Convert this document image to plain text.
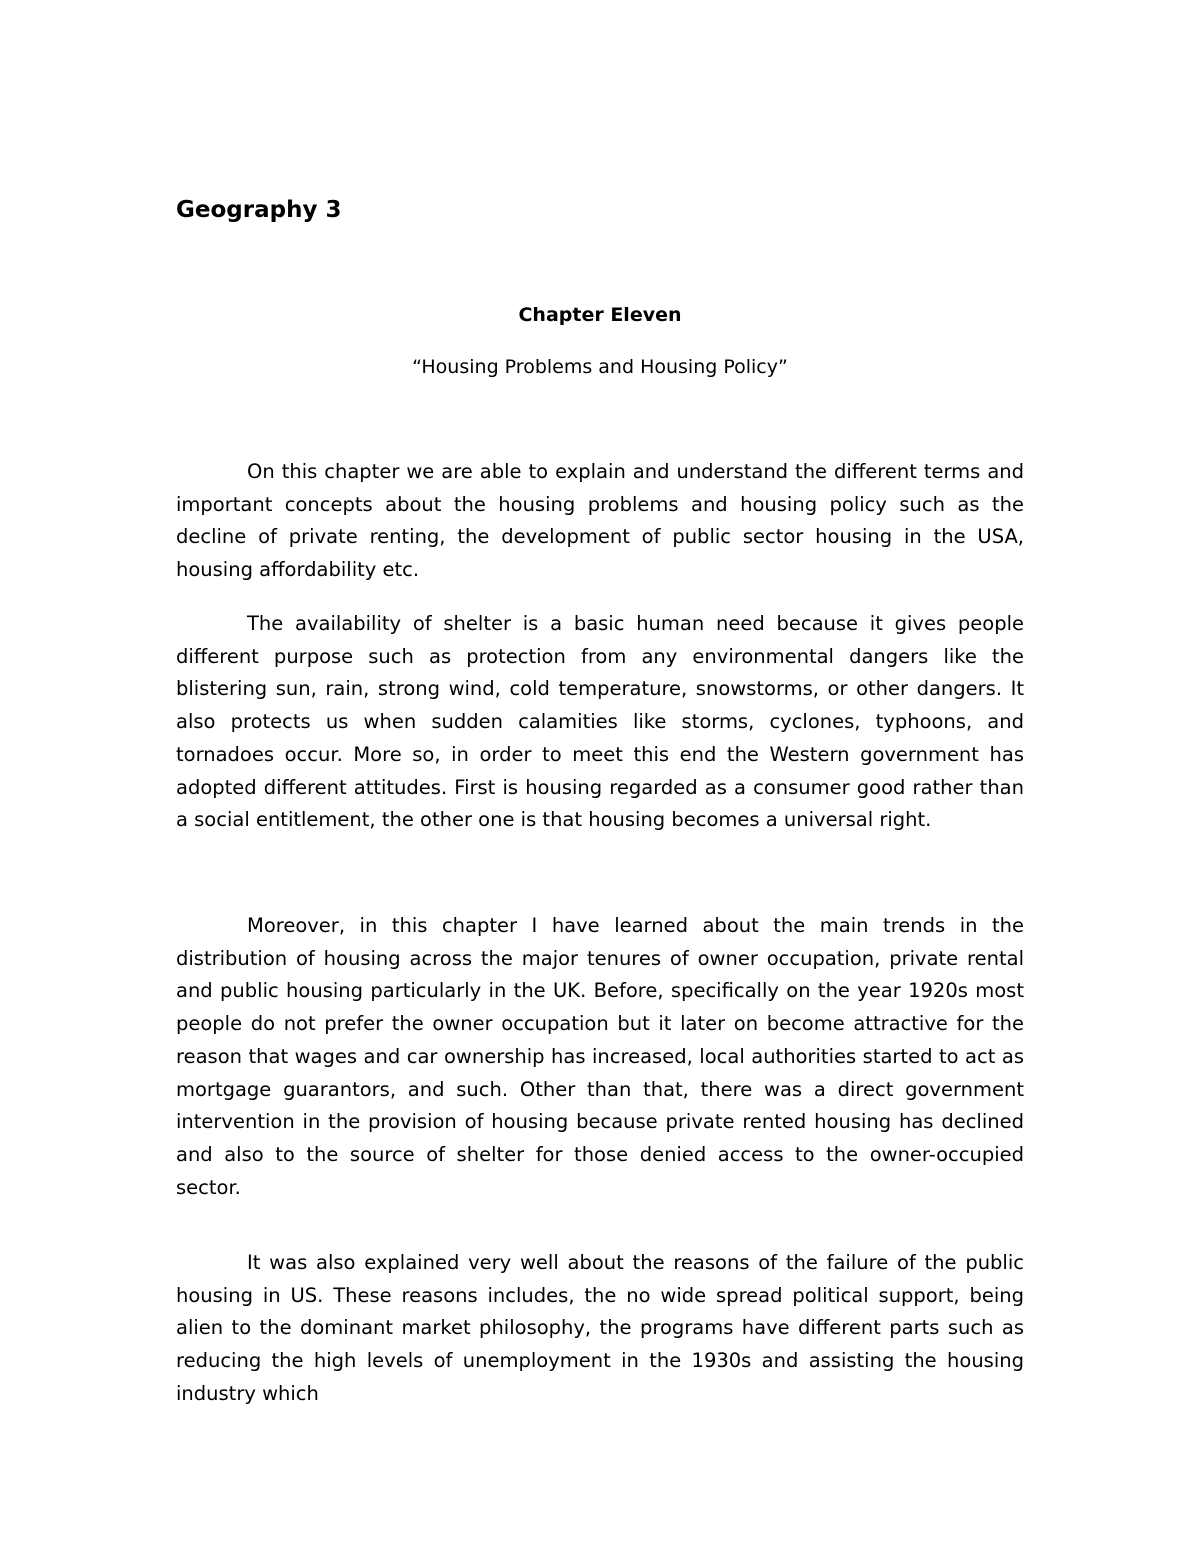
Geography 3
Chapter Eleven
“Housing Problems and Housing Policy”

On this chapter we are able to explain and understand the different terms and important concepts about the housing problems and housing policy such as the decline of private renting, the development of public sector housing in the USA, housing affordability etc.

The availability of shelter is a basic human need because it gives people different purpose such as protection from any environmental dangers like the blistering sun, rain, strong wind, cold temperature, snowstorms, or other dangers. It also protects us when sudden calamities like storms, cyclones, typhoons, and tornadoes occur. More so, in order to meet this end the Western government has adopted different attitudes. First is housing regarded as a consumer good rather than a social entitlement, the other one is that housing becomes a universal right.

Moreover, in this chapter I have learned about the main trends in the distribution of housing across the major tenures of owner occupation, private rental and public housing particularly in the UK. Before, specifically on the year 1920s most people do not prefer the owner occupation but it later on become attractive for the reason that wages and car ownership has increased, local authorities started to act as mortgage guarantors, and such. Other than that, there was a direct government intervention in the provision of housing because private rented housing has declined and also to the source of shelter for those denied access to the owner-occupied sector.

It was also explained very well about the reasons of the failure of the public housing in US. These reasons includes, the no wide spread political support, being alien to the dominant market philosophy, the programs have different parts such as reducing the high levels of unemployment in the 1930s and assisting the housing industry which
